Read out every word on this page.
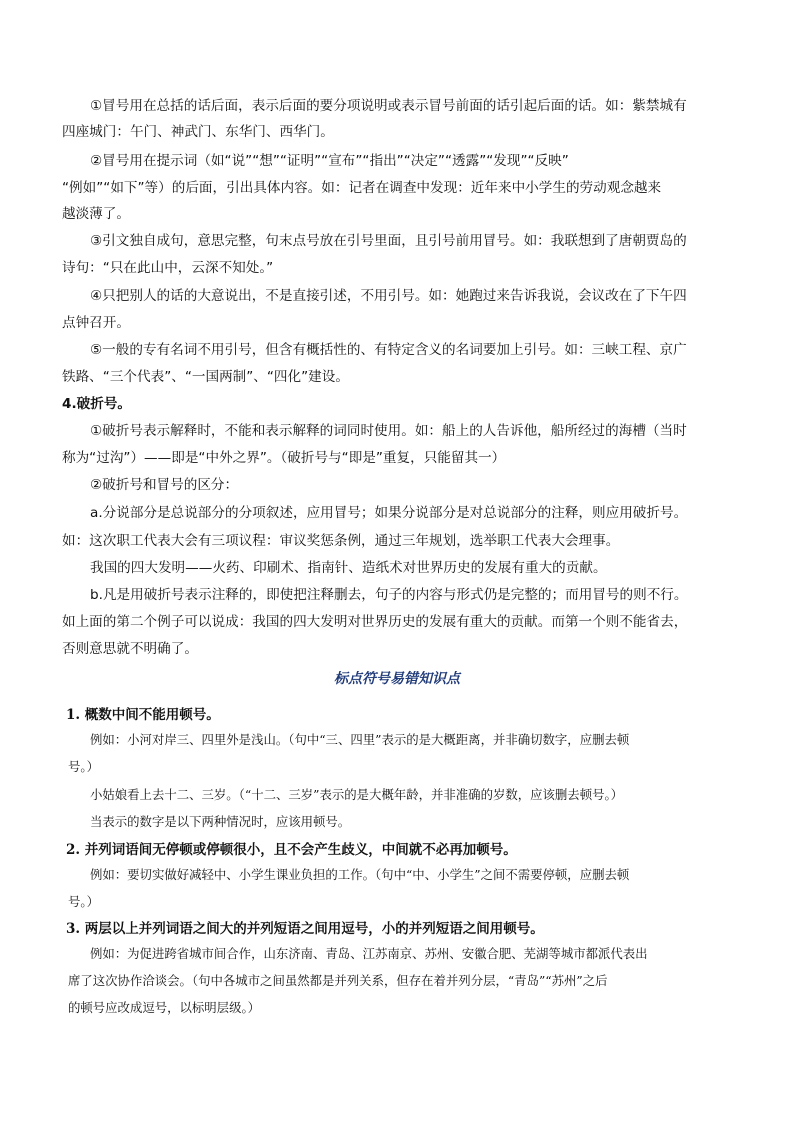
①冒号用在总括的话后面，表示后面的要分项说明或表示冒号前面的话引起后面的话。如：紫禁城有
四座城门：午门、神武门、东华门、西华门。
②冒号用在提示词（如“说”“想”“证明”“宣布”“指出”“决定”“透露”“发现”“反映”
“例如”“如下”等）的后面，引出具体内容。如：记者在调查中发现：近年来中小学生的劳动观念越来
越淡薄了。
③引文独自成句，意思完整，句末点号放在引号里面，且引号前用冒号。如：我联想到了唐朝贾岛的
诗句：“只在此山中，云深不知处。”
④只把别人的话的大意说出，不是直接引述，不用引号。如：她跑过来告诉我说，会议改在了下午四
点钟召开。
⑤一般的专有名词不用引号，但含有概括性的、有特定含义的名词要加上引号。如：三峡工程、京广
铁路、“三个代表”、“一国两制”、“四化”建设。
4.破折号。
①破折号表示解释时，不能和表示解释的词同时使用。如：船上的人告诉他，船所经过的海槽（当时
称为“过沟”）——即是“中外之界”。（破折号与“即是”重复，只能留其一）
②破折号和冒号的区分：
a.分说部分是总说部分的分项叙述，应用冒号；如果分说部分是对总说部分的注释，则应用破折号。
如：这次职工代表大会有三项议程：审议奖惩条例，通过三年规划，选举职工代表大会理事。
我国的四大发明——火药、印刷术、指南针、造纸术对世界历史的发展有重大的贡献。
b.凡是用破折号表示注释的，即使把注释删去，句子的内容与形式仍是完整的；而用冒号的则不行。
如上面的第二个例子可以说成：我国的四大发明对世界历史的发展有重大的贡献。而第一个则不能省去，
否则意思就不明确了。
标点符号易错知识点
1. 概数中间不能用顿号。
例如：小河对岸三、四里外是浅山。（句中“三、四里”表示的是大概距离，并非确切数字，应删去顿
号。）
小姑娘看上去十二、三岁。（“十二、三岁”表示的是大概年龄，并非准确的岁数，应该删去顿号。）
当表示的数字是以下两种情况时，应该用顿号。
2. 并列词语间无停顿或停顿很小，且不会产生歧义，中间就不必再加顿号。
例如：要切实做好减轻中、小学生课业负担的工作。（句中“中、小学生”之间不需要停顿，应删去顿
号。）
3. 两层以上并列词语之间大的并列短语之间用逗号，小的并列短语之间用顿号。
例如：为促进跨省城市间合作，山东济南、青岛、江苏南京、苏州、安徽合肥、芜湖等城市都派代表出
席了这次协作洽谈会。（句中各城市之间虽然都是并列关系，但存在着并列分层，“青岛”“苏州”之后
的顿号应改成逗号，以标明层级。）
